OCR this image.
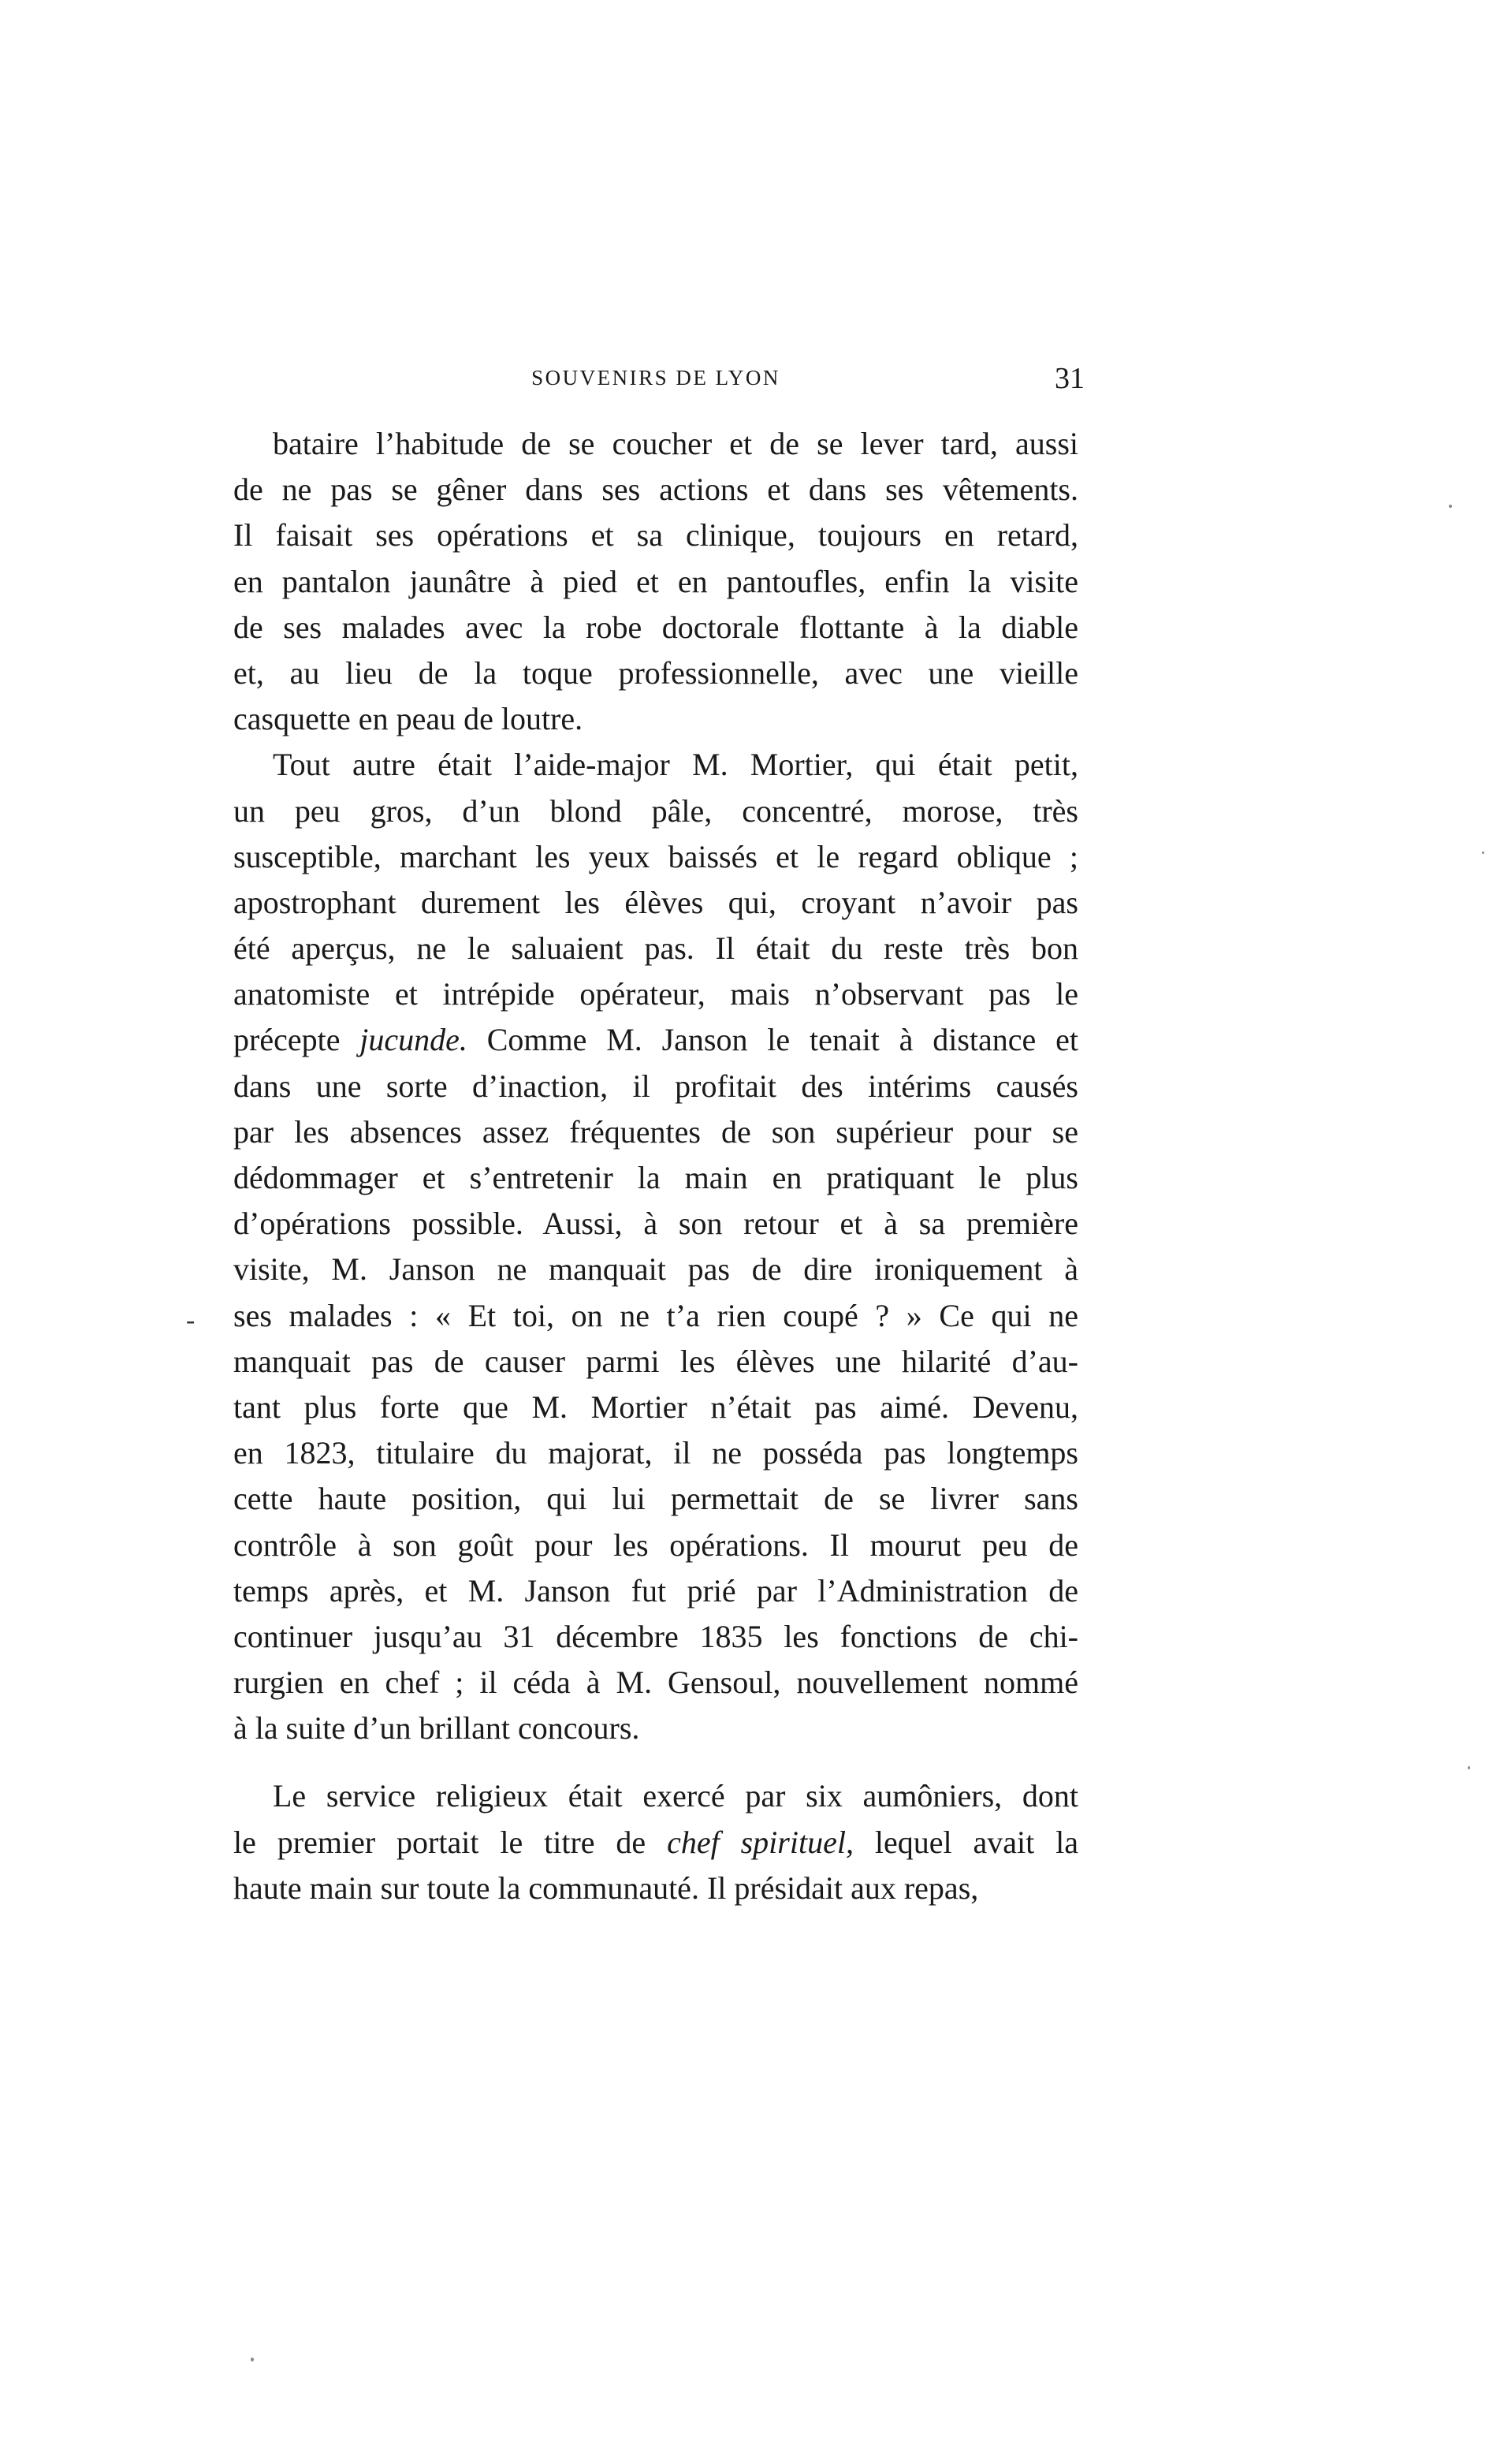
SOUVENIRS DE LYON	31
-
bataire l’habitude de se coucher et de se lever tard, aussi
de ne pas se gêner dans ses actions et dans ses vêtements.
Il faisait ses opérations et sa clinique, toujours en retard,
en pantalon jaunâtre à pied et en pantoufles, enfin la visite
de ses malades avec la robe doctorale flottante à la diable
et, au lieu de la toque professionnelle, avec une vieille
casquette en peau de loutre.
Tout autre était l’aide-major M. Mortier, qui était petit,
un peu gros, d’un blond pâle, concentré, morose, très
susceptible, marchant les yeux baissés et le regard oblique ;
apostrophant durement les élèves qui, croyant n’avoir pas
été aperçus, ne le saluaient pas. Il était du reste très bon
anatomiste et intrépide opérateur, mais n’observant pas le
précepte jucunde. Comme M. Janson le tenait à distance et
dans une sorte d’inaction, il profitait des intérims causés
par les absences assez fréquentes de son supérieur pour se
dédommager et s’entretenir la main en pratiquant le plus
d’opérations possible. Aussi, à son retour et à sa première
visite, M. Janson ne manquait pas de dire ironiquement à
ses malades : « Et toi, on ne t’a rien coupé ? » Ce qui ne
manquait pas de causer parmi les élèves une hilarité d’au-
tant plus forte que M. Mortier n’était pas aimé. Devenu,
en 1823, titulaire du majorat, il ne posséda pas longtemps
cette haute position, qui lui permettait de se livrer sans
contrôle à son goût pour les opérations. Il mourut peu de
temps après, et M. Janson fut prié par l’Administration de
continuer jusqu’au 31 décembre 1835 les fonctions de chi-
rurgien en chef ; il céda à M. Gensoul, nouvellement nommé
à la suite d’un brillant concours.
Le service religieux était exercé par six aumôniers, dont
le premier portait le titre de chef spirituel, lequel avait la
haute main sur toute la communauté. Il présidait aux repas,
